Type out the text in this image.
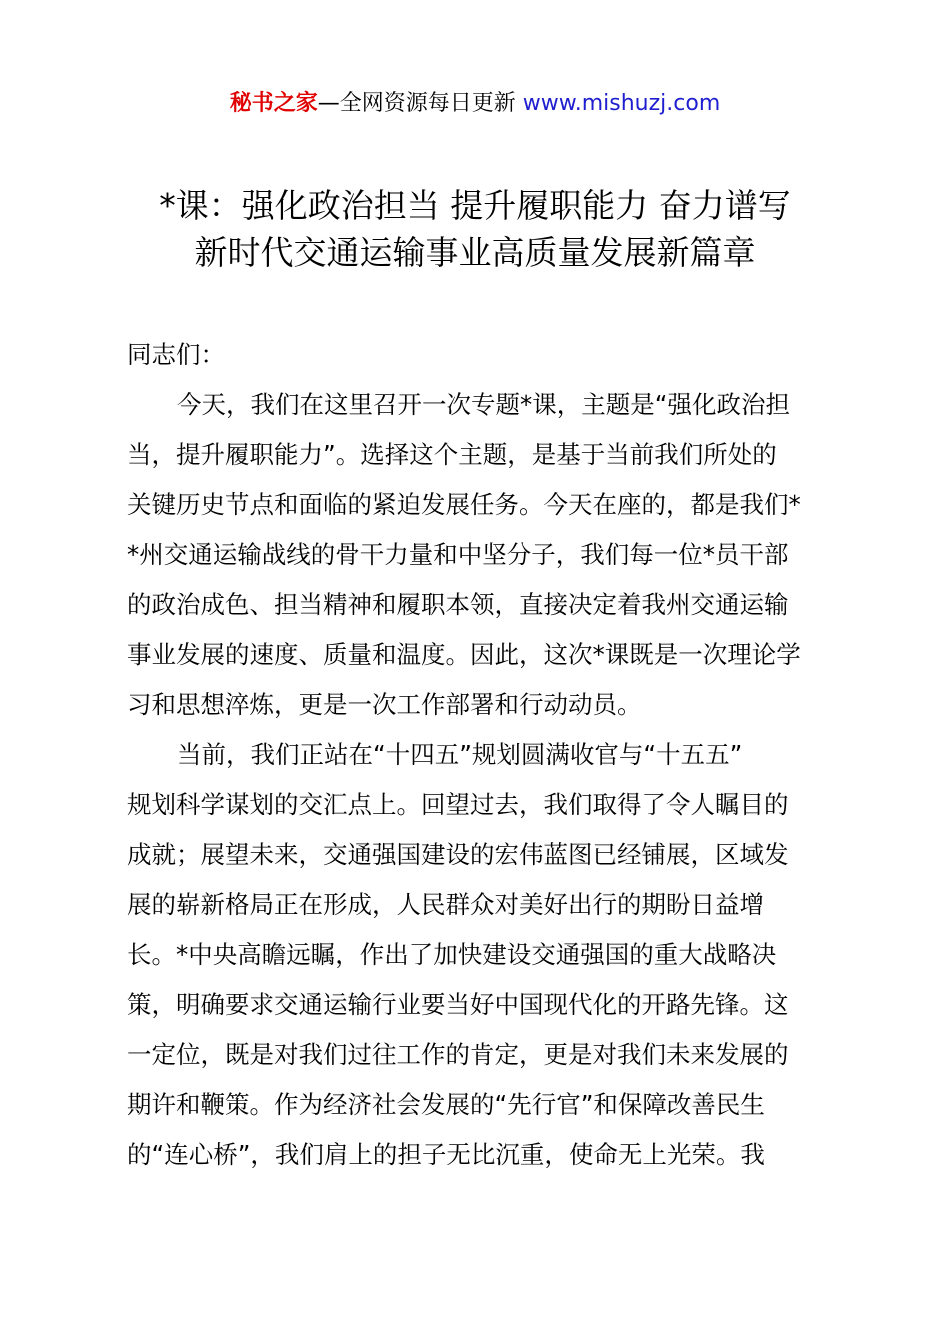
秘书之家—全网资源每日更新 www.mishuzj.com
*课：强化政治担当 提升履职能力 奋力谱写
新时代交通运输事业高质量发展新篇章

同志们：

今天，我们在这里召开一次专题*课，主题是“强化政治担
当，提升履职能力”。选择这个主题，是基于当前我们所处的
关键历史节点和面临的紧迫发展任务。今天在座的，都是我们*
*州交通运输战线的骨干力量和中坚分子，我们每一位*员干部
的政治成色、担当精神和履职本领，直接决定着我州交通运输
事业发展的速度、质量和温度。因此，这次*课既是一次理论学
习和思想淬炼，更是一次工作部署和行动动员。

当前，我们正站在“十四五”规划圆满收官与“十五五”
规划科学谋划的交汇点上。回望过去，我们取得了令人瞩目的
成就；展望未来，交通强国建设的宏伟蓝图已经铺展，区域发
展的崭新格局正在形成，人民群众对美好出行的期盼日益增
长。*中央高瞻远瞩，作出了加快建设交通强国的重大战略决
策，明确要求交通运输行业要当好中国现代化的开路先锋。这
一定位，既是对我们过往工作的肯定，更是对我们未来发展的
期许和鞭策。作为经济社会发展的“先行官”和保障改善民生
的“连心桥”，我们肩上的担子无比沉重，使命无上光荣。我
